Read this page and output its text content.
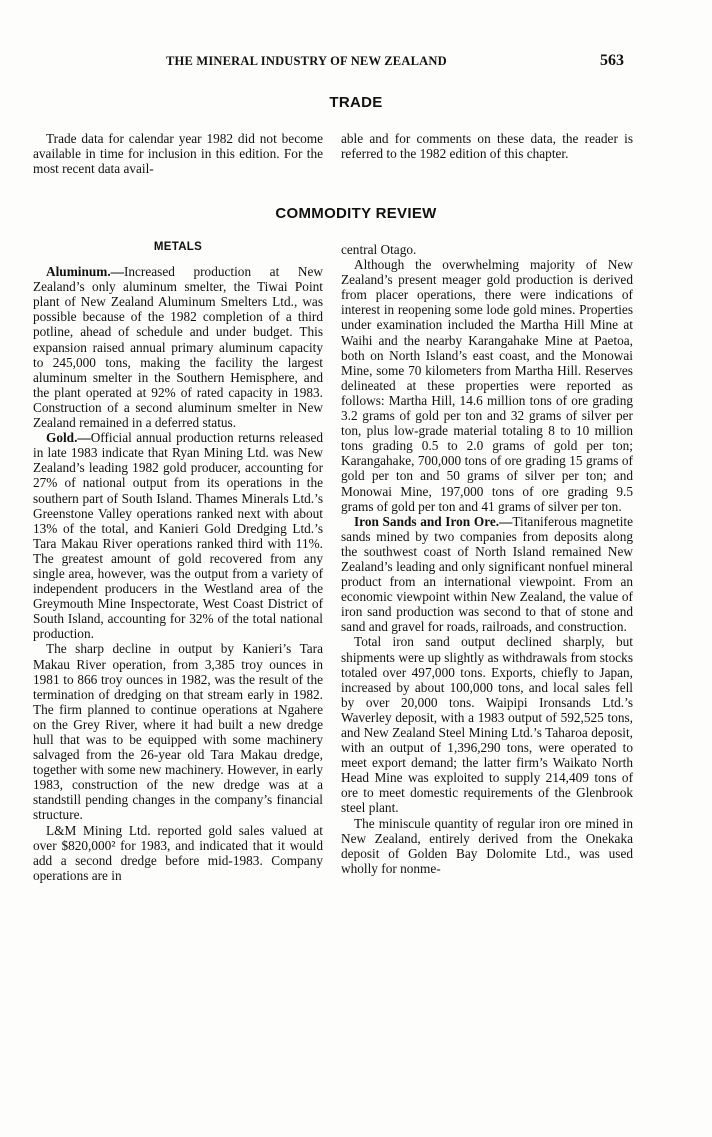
THE MINERAL INDUSTRY OF NEW ZEALAND	563
TRADE

Trade data for calendar year 1982 did not become available in time for inclusion in this edition. For the most recent data avail-

able and for comments on these data, the reader is referred to the 1982 edition of this chapter.

COMMODITY REVIEW
METALS

Aluminum.—Increased production at New Zealand’s only aluminum smelter, the Tiwai Point plant of New Zealand Aluminum Smelters Ltd., was possible because of the 1982 completion of a third potline, ahead of schedule and under budget. This expansion raised annual primary aluminum capacity to 245,000 tons, making the facility the largest aluminum smelter in the Southern Hemisphere, and the plant operated at 92% of rated capacity in 1983. Construction of a second aluminum smelter in New Zealand remained in a deferred status.

Gold.—Official annual production returns released in late 1983 indicate that Ryan Mining Ltd. was New Zealand’s leading 1982 gold producer, accounting for 27% of national output from its operations in the southern part of South Island. Thames Minerals Ltd.’s Greenstone Valley operations ranked next with about 13% of the total, and Kanieri Gold Dredging Ltd.’s Tara Makau River operations ranked third with 11%. The greatest amount of gold recovered from any single area, however, was the output from a variety of independent producers in the Westland area of the Greymouth Mine Inspectorate, West Coast District of South Island, accounting for 32% of the total national production.

The sharp decline in output by Kanieri’s Tara Makau River operation, from 3,385 troy ounces in 1981 to 866 troy ounces in 1982, was the result of the termination of dredging on that stream early in 1982. The firm planned to continue operations at Ngahere on the Grey River, where it had built a new dredge hull that was to be equipped with some machinery salvaged from the 26-year old Tara Makau dredge, together with some new machinery. However, in early 1983, construction of the new dredge was at a standstill pending changes in the company’s financial structure.

L&M Mining Ltd. reported gold sales valued at over $820,000² for 1983, and indicated that it would add a second dredge before mid-1983. Company operations are in

central Otago.

Although the overwhelming majority of New Zealand’s present meager gold production is derived from placer operations, there were indications of interest in reopening some lode gold mines. Properties under examination included the Martha Hill Mine at Waihi and the nearby Karangahake Mine at Paetoa, both on North Island’s east coast, and the Monowai Mine, some 70 kilometers from Martha Hill. Reserves delineated at these properties were reported as follows: Martha Hill, 14.6 million tons of ore grading 3.2 grams of gold per ton and 32 grams of silver per ton, plus low-grade material totaling 8 to 10 million tons grading 0.5 to 2.0 grams of gold per ton; Karangahake, 700,000 tons of ore grading 15 grams of gold per ton and 50 grams of silver per ton; and Monowai Mine, 197,000 tons of ore grading 9.5 grams of gold per ton and 41 grams of silver per ton.

Iron Sands and Iron Ore.—Titaniferous magnetite sands mined by two companies from deposits along the southwest coast of North Island remained New Zealand’s leading and only significant nonfuel mineral product from an international viewpoint. From an economic viewpoint within New Zealand, the value of iron sand production was second to that of stone and sand and gravel for roads, railroads, and construction.

Total iron sand output declined sharply, but shipments were up slightly as withdrawals from stocks totaled over 497,000 tons. Exports, chiefly to Japan, increased by about 100,000 tons, and local sales fell by over 20,000 tons. Waipipi Ironsands Ltd.’s Waverley deposit, with a 1983 output of 592,525 tons, and New Zealand Steel Mining Ltd.’s Taharoa deposit, with an output of 1,396,290 tons, were operated to meet export demand; the latter firm’s Waikato North Head Mine was exploited to supply 214,409 tons of ore to meet domestic requirements of the Glenbrook steel plant.

The miniscule quantity of regular iron ore mined in New Zealand, entirely derived from the Onekaka deposit of Golden Bay Dolomite Ltd., was used wholly for nonme-
